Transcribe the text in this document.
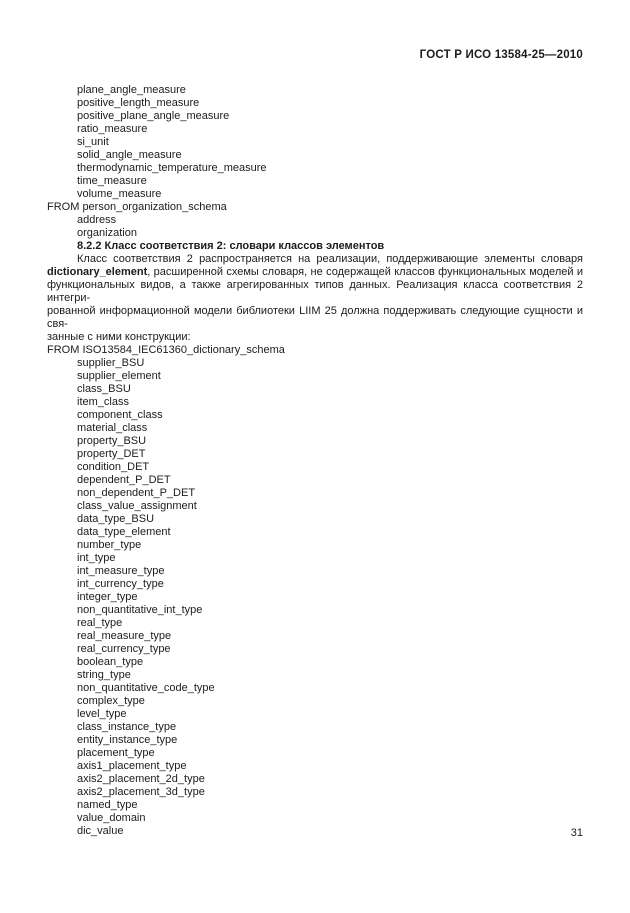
ГОСТ Р ИСО 13584-25—2010
plane_angle_measure
positive_length_measure
positive_plane_angle_measure
ratio_measure
si_unit
solid_angle_measure
thermodynamic_temperature_measure
time_measure
volume_measure
FROM person_organization_schema
address
organization
8.2.2 Класс соответствия 2: словари классов элементов
Класс соответствия 2 распространяется на реализации, поддерживающие элементы словаря
dictionary_element, расширенной схемы словаря, не содержащей классов функциональных моделей и
функциональных видов, а также агрегированных типов данных. Реализация класса соответствия 2 интегри-
рованной информационной модели библиотеки LIIM 25 должна поддерживать следующие сущности и свя-
занные с ними конструкции:
FROM ISO13584_IEC61360_dictionary_schema
supplier_BSU
supplier_element
class_BSU
item_class
component_class
material_class
property_BSU
property_DET
condition_DET
dependent_P_DET
non_dependent_P_DET
class_value_assignment
data_type_BSU
data_type_element
number_type
int_type
int_measure_type
int_currency_type
integer_type
non_quantitative_int_type
real_type
real_measure_type
real_currency_type
boolean_type
string_type
non_quantitative_code_type
complex_type
level_type
class_instance_type
entity_instance_type
placement_type
axis1_placement_type
axis2_placement_2d_type
axis2_placement_3d_type
named_type
value_domain
dic_value	31
